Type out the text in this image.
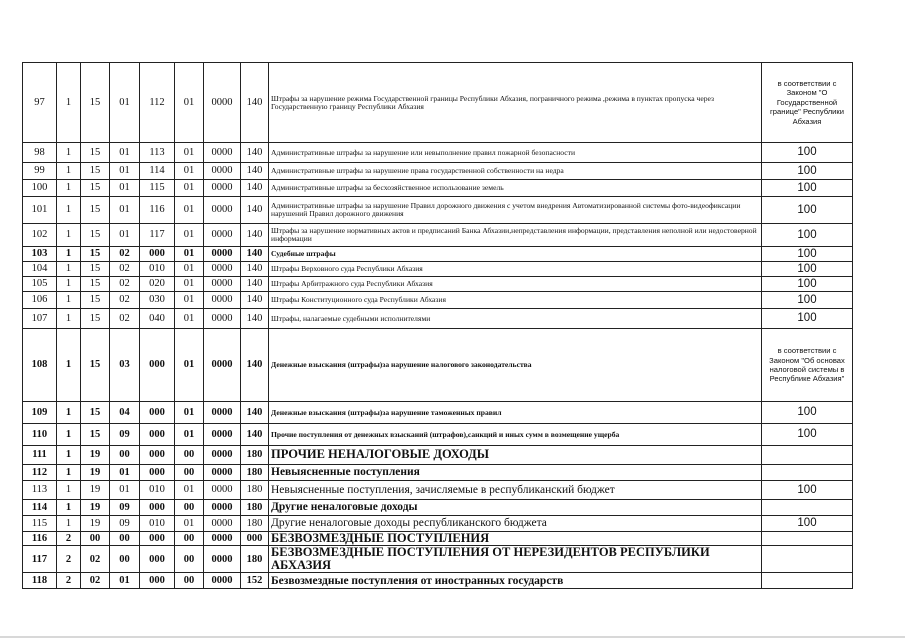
97	1	15	01	112	01	0000	140	Штрафы за нарушение режима Государственной границы Республики Абхазия, пограничного режима ,режима в пунктах пропуска через Государственную границу Республики Абхазия	в соответствии с Законом "О Государственной границе" Республики Абхазия
98	1	15	01	113	01	0000	140	Административные штрафы за нарушение или невыполнение правил пожарной безопасности	100
99	1	15	01	114	01	0000	140	Административные штрафы за нарушение права государственной собственности на недра	100
100	1	15	01	115	01	0000	140	Административные штрафы за бесхозяйственное использование земель	100
101	1	15	01	116	01	0000	140	Административные штрафы за нарушение Правил дорожного движения с учетом внедрения Автоматизированной системы фото-видеофиксации нарушений Правил дорожного движения	100
102	1	15	01	117	01	0000	140	Штрафы за нарушение нормативных актов и предписаний Банка Абхазии,непредставления информации, представления неполной или недостоверной информации	100
103	1	15	02	000	01	0000	140	Судебные штрафы	100
104	1	15	02	010	01	0000	140	Штрафы Верховного суда Республики Абхазия	100
105	1	15	02	020	01	0000	140	Штрафы Арбитражного суда Республики Абхазия	100
106	1	15	02	030	01	0000	140	Штрафы Конституционного суда Республики Абхазия	100
107	1	15	02	040	01	0000	140	Штрафы, налагаемые судебными исполнителями	100
108	1	15	03	000	01	0000	140	Денежные взыскания (штрафы)за нарушение налогового законодательства	в соответствии с Законом "Об основах налоговой системы в Республике Абхазия"
109	1	15	04	000	01	0000	140	Денежные взыскания (штрафы)за нарушение таможенных правил	100
110	1	15	09	000	01	0000	140	Прочие поступления от денежных взысканий (штрафов),санкций и иных сумм в возмещение ущерба	100
111	1	19	00	000	00	0000	180	ПРОЧИЕ НЕНАЛОГОВЫЕ ДОХОДЫ	
112	1	19	01	000	00	0000	180	Невыясненные поступления	
113	1	19	01	010	01	0000	180	Невыясненные поступления, зачисляемые в республиканский бюджет	100
114	1	19	09	000	00	0000	180	Другие неналоговые доходы	
115	1	19	09	010	01	0000	180	Другие неналоговые доходы республиканского бюджета	100
116	2	00	00	000	00	0000	000	БЕЗВОЗМЕЗДНЫЕ ПОСТУПЛЕНИЯ	
117	2	02	00	000	00	0000	180	БЕЗВОЗМЕЗДНЫЕ ПОСТУПЛЕНИЯ ОТ НЕРЕЗИДЕНТОВ РЕСПУБЛИКИ АБХАЗИЯ	
118	2	02	01	000	00	0000	152	Безвозмездные поступления от иностранных государств	
